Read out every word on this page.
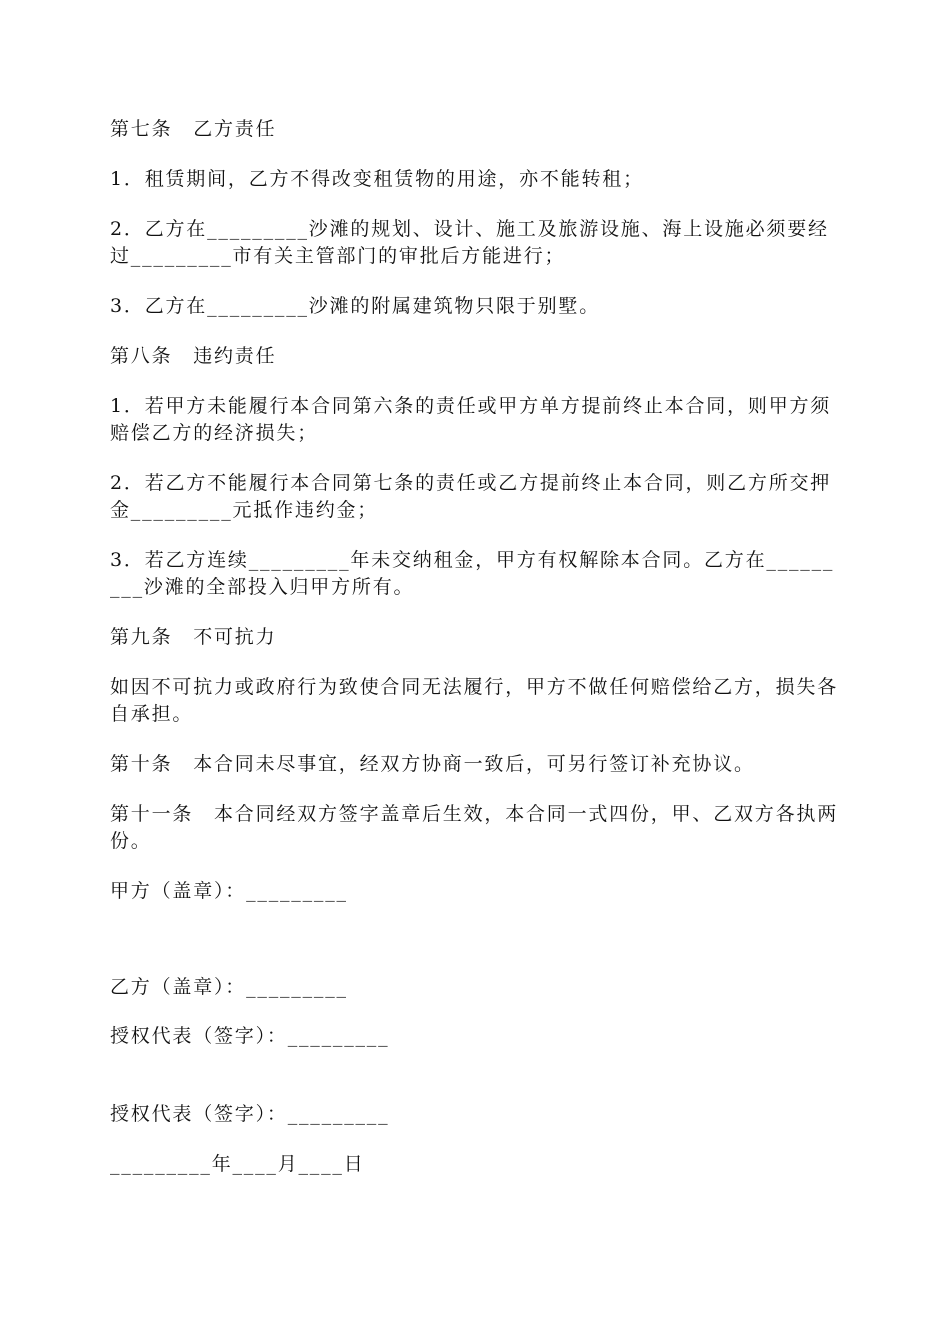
第七条　乙方责任

1．租赁期间，乙方不得改变租赁物的用途，亦不能转租；

2．乙方在_________沙滩的规划、设计、施工及旅游设施、海上设施必须要经过_________市有关主管部门的审批后方能进行；

3．乙方在_________沙滩的附属建筑物只限于别墅。

第八条　违约责任

1．若甲方未能履行本合同第六条的责任或甲方单方提前终止本合同，则甲方须赔偿乙方的经济损失；

2．若乙方不能履行本合同第七条的责任或乙方提前终止本合同，则乙方所交押金_________元抵作违约金；

3．若乙方连续_________年未交纳租金，甲方有权解除本合同。乙方在_________沙滩的全部投入归甲方所有。

第九条　不可抗力

如因不可抗力或政府行为致使合同无法履行，甲方不做任何赔偿给乙方，损失各自承担。

第十条　本合同未尽事宜，经双方协商一致后，可另行签订补充协议。

第十一条　本合同经双方签字盖章后生效，本合同一式四份，甲、乙双方各执两份。

甲方（盖章）：_________

乙方（盖章）：_________

授权代表（签字）：_________

授权代表（签字）：_________

_________年____月____日
